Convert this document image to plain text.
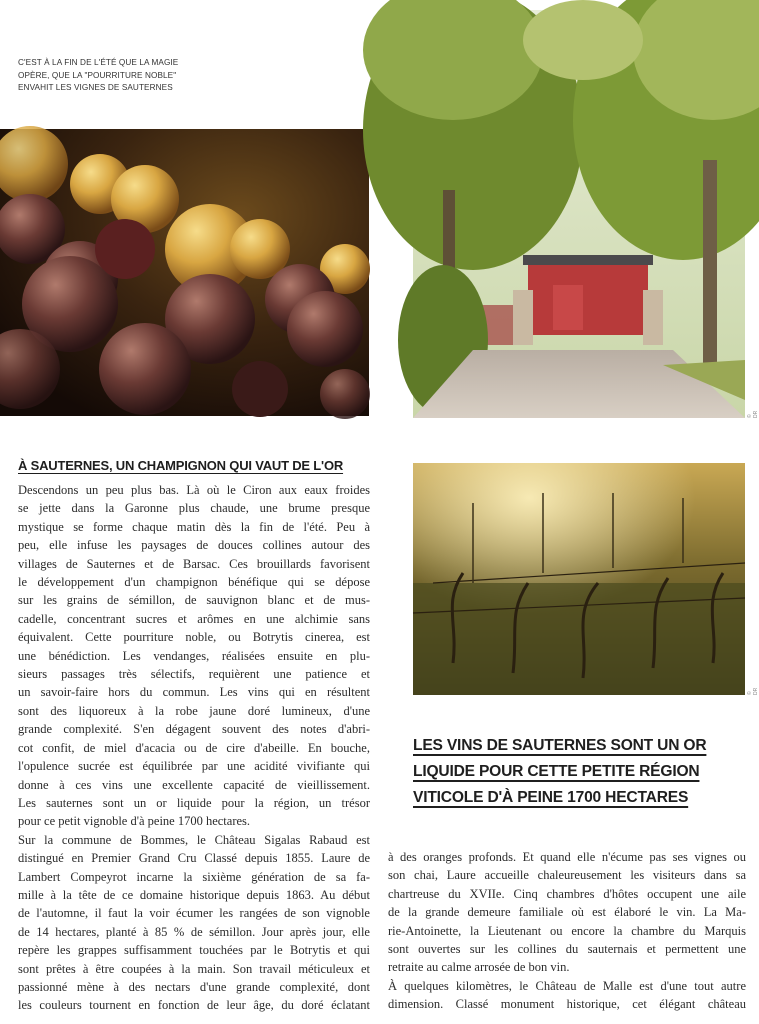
C'EST À LA FIN DE L'ÉTÉ QUE LA MAGIE
OPÈRE, QUE LA "POURRITURE NOBLE"
ENVAHIT LES VIGNES DE SAUTERNES
© DR
À SAUTERNES, UN CHAMPIGNON QUI VAUT DE L'OR
© DR
LES VINS DE SAUTERNES SONT UN OR
LIQUIDE POUR CETTE PETITE RÉGION
VITICOLE D'À PEINE 1700 HECTARES
Descendons un peu plus bas. Là où le Ciron aux eaux froides
se jette dans la Garonne plus chaude, une brume presque
mystique se forme chaque matin dès la fin de l'été. Peu à
peu, elle infuse les paysages de douces collines autour des
villages de Sauternes et de Barsac. Ces brouillards favorisent
le développement d'un champignon bénéfique qui se dépose
sur les grains de sémillon, de sauvignon blanc et de mus-
cadelle, concentrant sucres et arômes en une alchimie sans
équivalent. Cette pourriture noble, ou Botrytis cinerea, est
une bénédiction. Les vendanges, réalisées ensuite en plu-
sieurs passages très sélectifs, requièrent une patience et
un savoir-faire hors du commun. Les vins qui en résultent
sont des liquoreux à la robe jaune doré lumineux, d'une
grande complexité. S'en dégagent souvent des notes d'abri-
cot confit, de miel d'acacia ou de cire d'abeille. En bouche,
l'opulence sucrée est équilibrée par une acidité vivifiante qui
donne à ces vins une excellente capacité de vieillissement.
Les sauternes sont un or liquide pour la région, un trésor
pour ce petit vignoble d'à peine 1700 hectares.
Sur la commune de Bommes, le Château Sigalas Rabaud est
distingué en Premier Grand Cru Classé depuis 1855. Laure de
Lambert Compeyrot incarne la sixième génération de sa fa-
mille à la tête de ce domaine historique depuis 1863. Au début
de l'automne, il faut la voir écumer les rangées de son vignoble
de 14 hectares, planté à 85 % de sémillon. Jour après jour, elle
repère les grappes suffisamment touchées par le Botrytis et qui
sont prêtes à être coupées à la main. Son travail méticuleux et
passionné mène à des nectars d'une grande complexité, dont
les couleurs tournent en fonction de leur âge, du doré éclatant
à des oranges profonds. Et quand elle n'écume pas ses vignes ou
son chai, Laure accueille chaleureusement les visiteurs dans sa
chartreuse du XVIIe. Cinq chambres d'hôtes occupent une aile
de la grande demeure familiale où est élaboré le vin. La Ma-
rie-Antoinette, la Lieutenant ou encore la chambre du Marquis
sont ouvertes sur les collines du sauternais et permettent une
retraite au calme arrosée de bon vin.
À quelques kilomètres, le Château de Malle est d'une tout autre
dimension. Classé monument historique, cet élégant château
